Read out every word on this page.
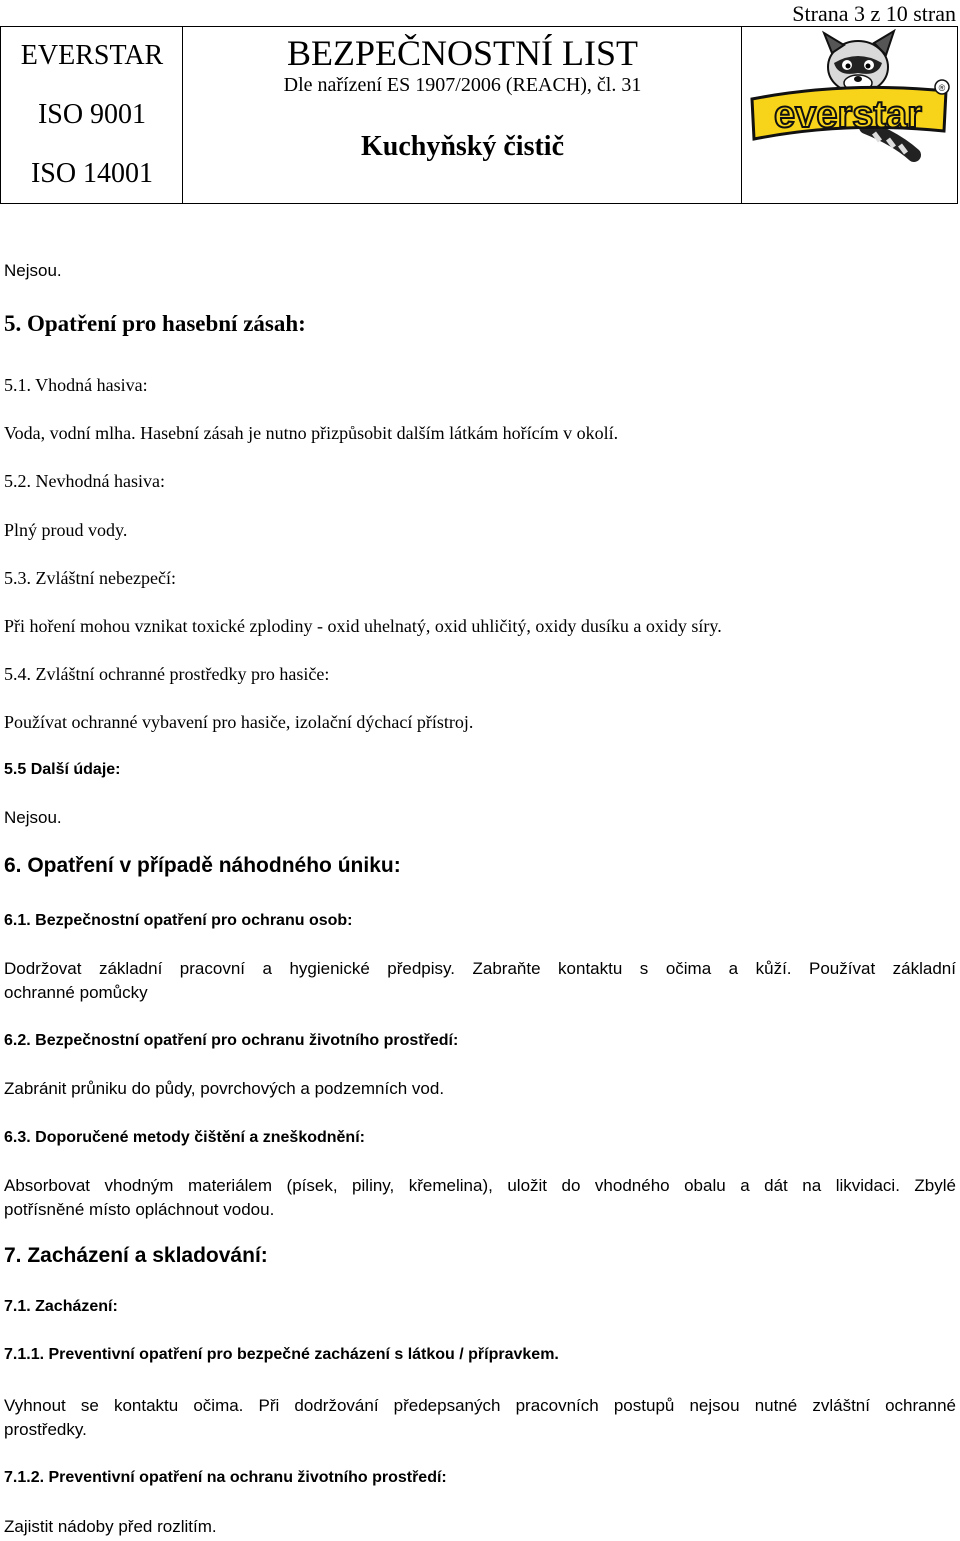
Strana 3 z 10 stran
EVERSTAR
ISO 9001
ISO 14001
BEZPEČNOSTNÍ LIST
Dle nařízení ES 1907/2006 (REACH), čl. 31
Kuchyňský čistič
everstar
®
Nejsou.
5. Opatření pro hasební zásah:
5.1. Vhodná hasiva:
Voda, vodní mlha. Hasební zásah je nutno přizpůsobit dalším látkám hořícím v okolí.
5.2. Nevhodná hasiva:
Plný proud vody.
5.3. Zvláštní nebezpečí:
Při hoření mohou vznikat toxické zplodiny - oxid uhelnatý, oxid uhličitý, oxidy dusíku a oxidy síry.
5.4. Zvláštní ochranné prostředky pro hasiče:
Používat ochranné vybavení pro hasiče, izolační dýchací přístroj.
5.5 Další údaje:
Nejsou.
6. Opatření v případě náhodného úniku:
6.1. Bezpečnostní opatření pro ochranu osob:
Dodržovat základní pracovní a hygienické předpisy. Zabraňte kontaktu s očima a kůží. Používat základní
ochranné pomůcky
6.2. Bezpečnostní opatření pro ochranu životního prostředí:
Zabránit průniku do půdy, povrchových a podzemních vod.
6.3. Doporučené metody čištění a zneškodnění:
Absorbovat vhodným materiálem (písek, piliny, křemelina), uložit do vhodného obalu a dát na likvidaci. Zbylé
potřísněné místo opláchnout vodou.
7. Zacházení a skladování:
7.1. Zacházení:
7.1.1. Preventivní opatření pro bezpečné zacházení s látkou / přípravkem.
Vyhnout se kontaktu očima. Při dodržování předepsaných pracovních postupů nejsou nutné zvláštní ochranné
prostředky.
7.1.2. Preventivní opatření na ochranu životního prostředí:
Zajistit nádoby před rozlitím.
